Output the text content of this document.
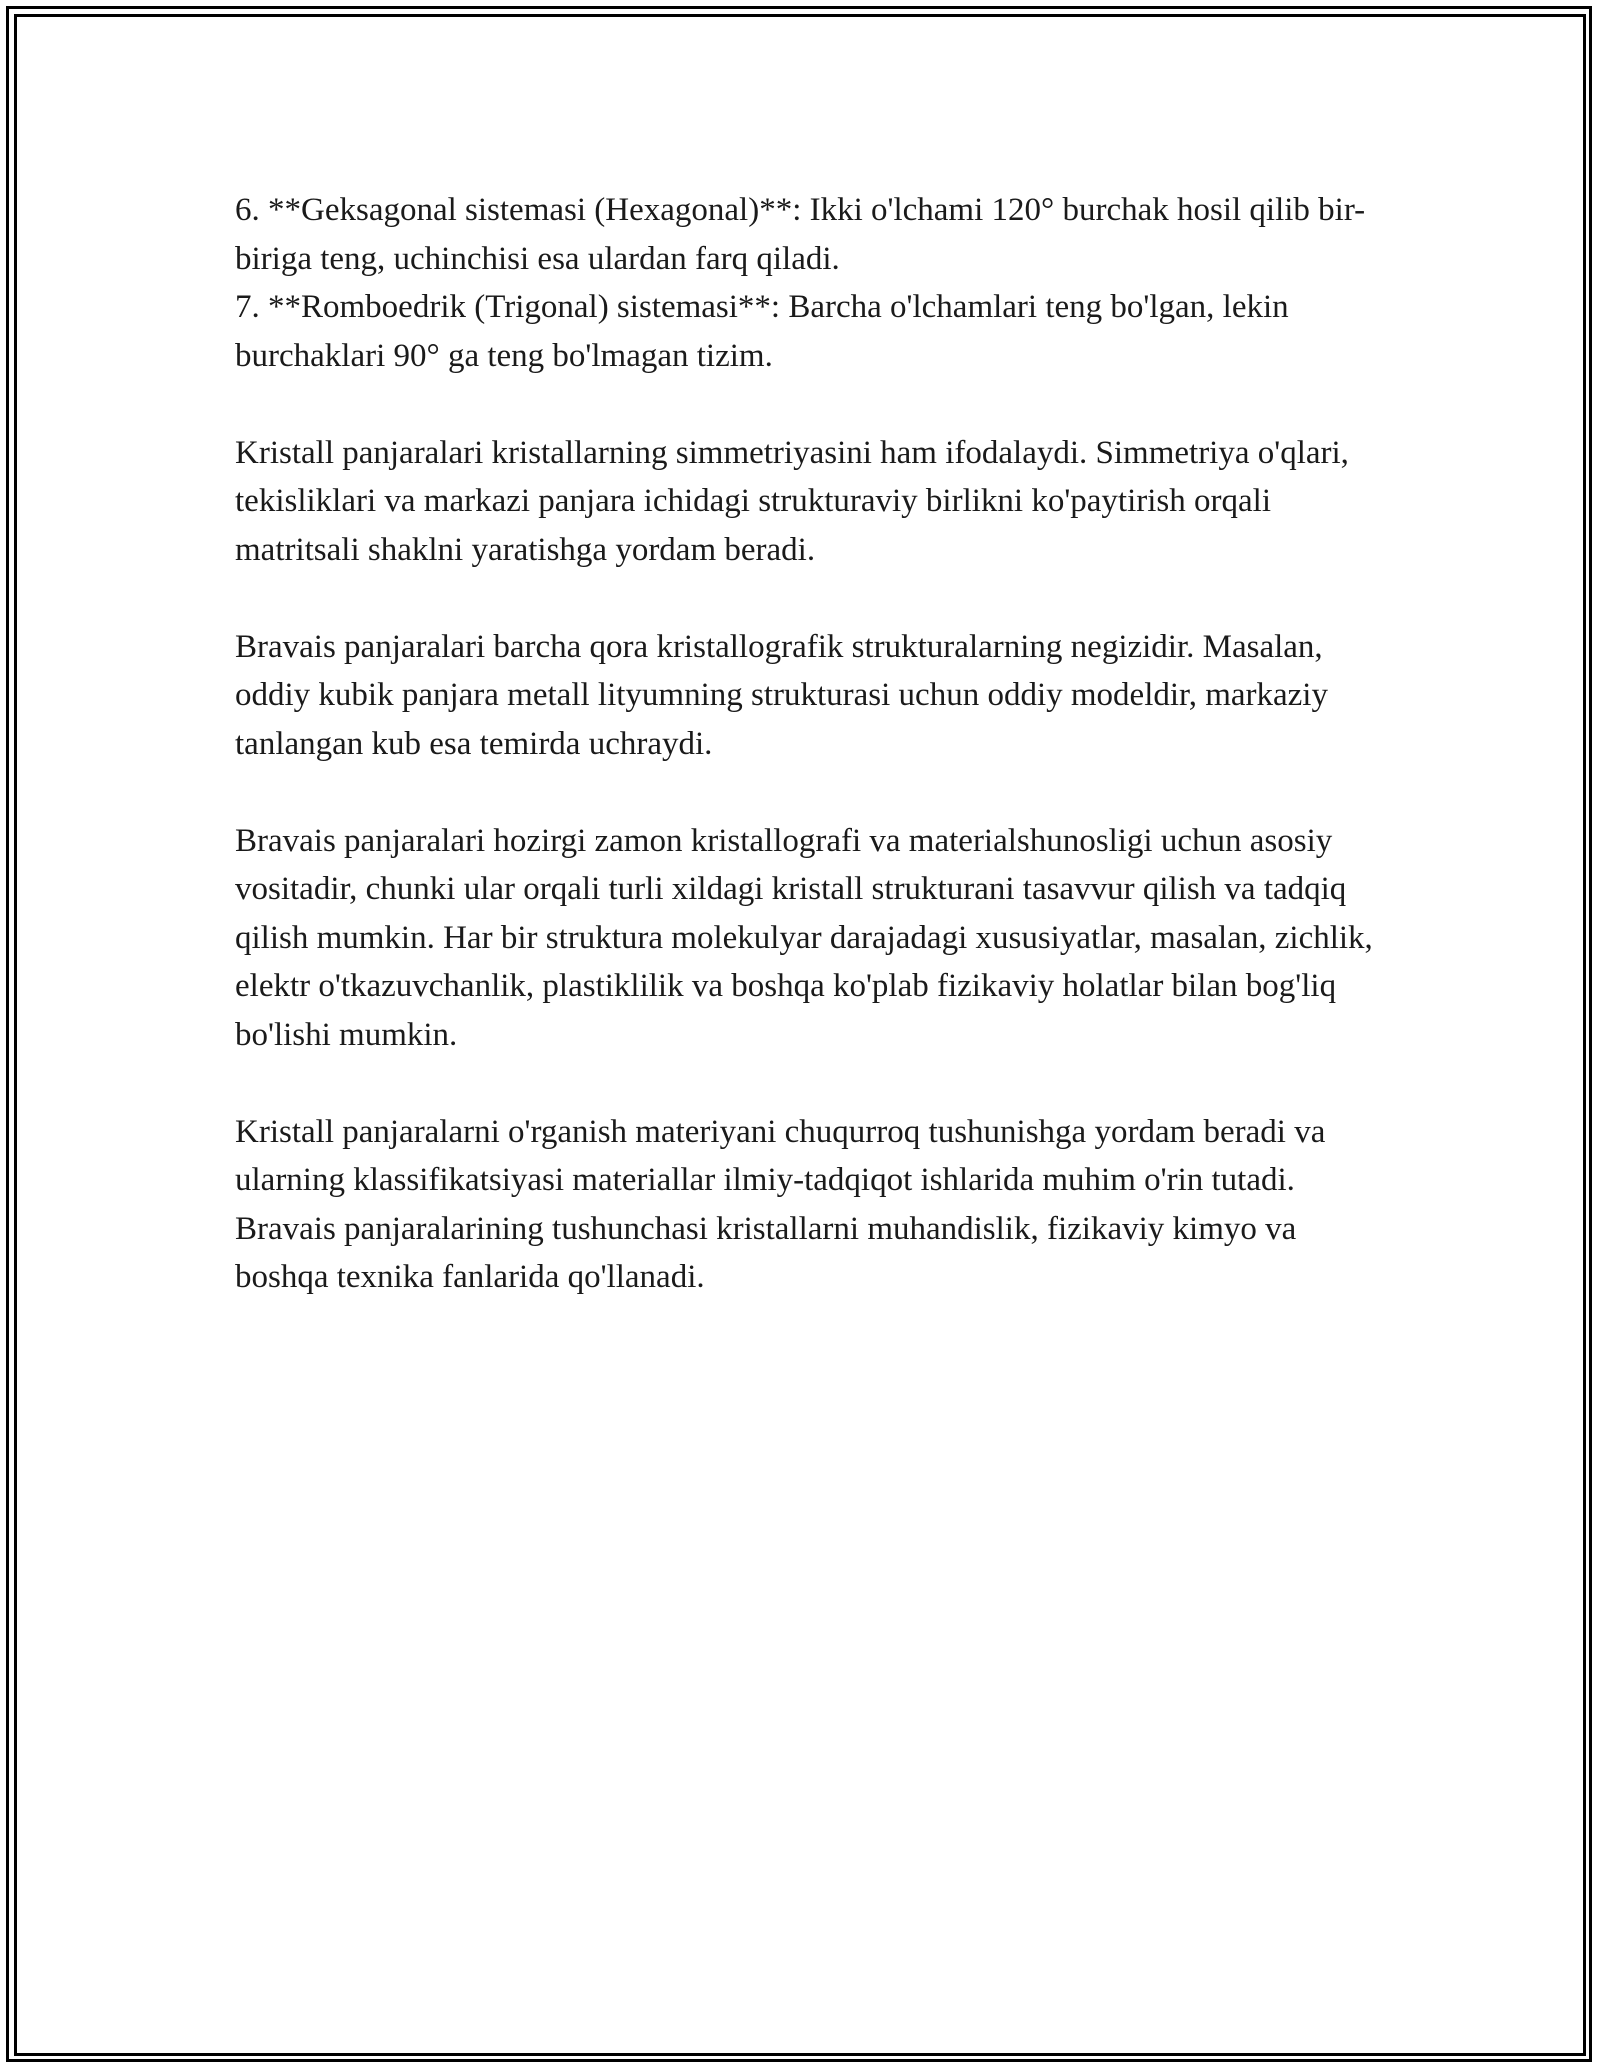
6. **Geksagonal sistemasi (Hexagonal)**: Ikki o'lchami 120° burchak hosil qilib bir-biriga teng, uchinchisi esa ulardan farq qiladi.

7. **Romboedrik (Trigonal) sistemasi**: Barcha o'lchamlari teng bo'lgan, lekin burchaklari 90° ga teng bo'lmagan tizim.

Kristall panjaralari kristallarning simmetriyasini ham ifodalaydi. Simmetriya o'qlari, tekisliklari va markazi panjara ichidagi strukturaviy birlikni ko'paytirish orqali matritsali shaklni yaratishga yordam beradi.

Bravais panjaralari barcha qora kristallografik strukturalarning negizidir. Masalan, oddiy kubik panjara metall lityumning strukturasi uchun oddiy modeldir, markaziy tanlangan kub esa temirda uchraydi.

Bravais panjaralari hozirgi zamon kristallografi va materialshunosligi uchun asosiy vositadir, chunki ular orqali turli xildagi kristall strukturani tasavvur qilish va tadqiq qilish mumkin. Har bir struktura molekulyar darajadagi xususiyatlar, masalan, zichlik, elektr o'tkazuvchanlik, plastiklilik va boshqa ko'plab fizikaviy holatlar bilan bog'liq bo'lishi mumkin.

Kristall panjaralarni o'rganish materiyani chuqurroq tushunishga yordam beradi va ularning klassifikatsiyasi materiallar ilmiy-tadqiqot ishlarida muhim o'rin tutadi. Bravais panjaralarining tushunchasi kristallarni muhandislik, fizikaviy kimyo va boshqa texnika fanlarida qo'llanadi.
